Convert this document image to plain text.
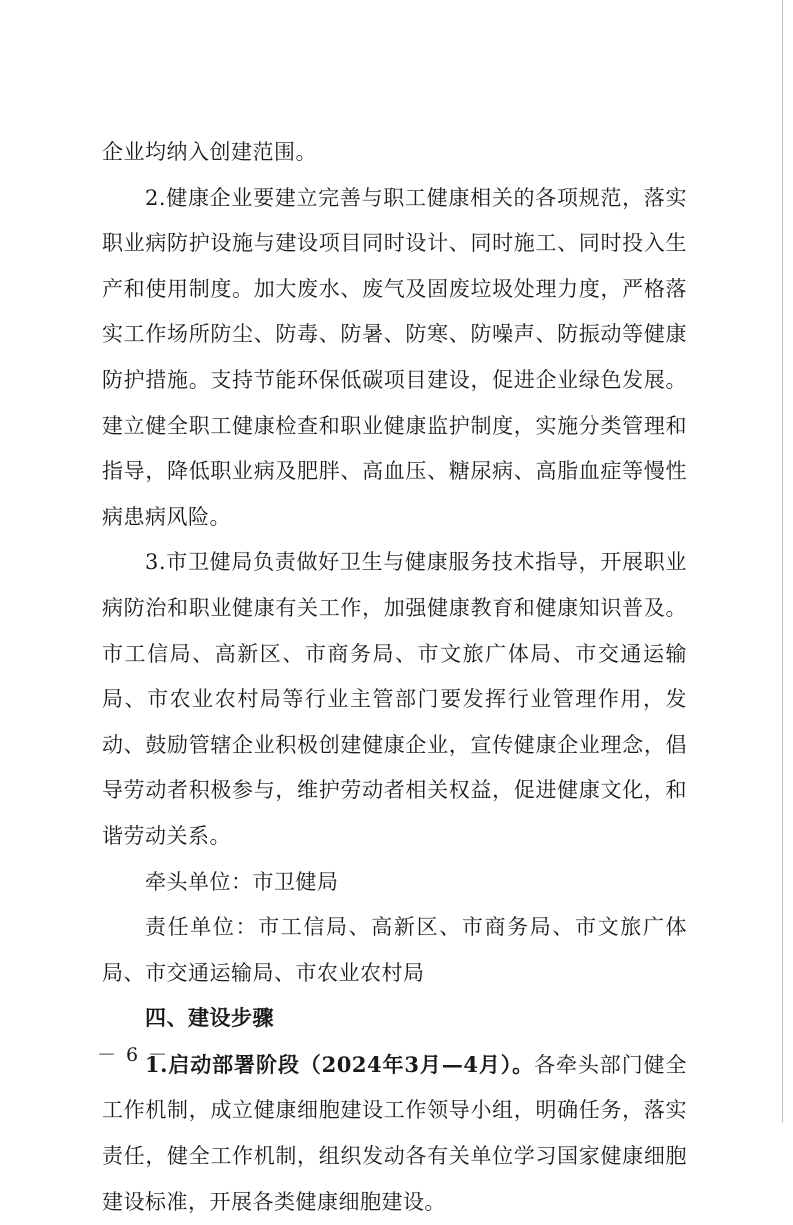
企业均纳入创建范围。

2.健康企业要建立完善与职工健康相关的各项规范，落实职业病防护设施与建设项目同时设计、同时施工、同时投入生产和使用制度。加大废水、废气及固废垃圾处理力度，严格落实工作场所防尘、防毒、防暑、防寒、防噪声、防振动等健康防护措施。支持节能环保低碳项目建设，促进企业绿色发展。建立健全职工健康检查和职业健康监护制度，实施分类管理和指导，降低职业病及肥胖、高血压、糖尿病、高脂血症等慢性病患病风险。

3.市卫健局负责做好卫生与健康服务技术指导，开展职业病防治和职业健康有关工作，加强健康教育和健康知识普及。市工信局、高新区、市商务局、市文旅广体局、市交通运输局、市农业农村局等行业主管部门要发挥行业管理作用，发动、鼓励管辖企业积极创建健康企业，宣传健康企业理念，倡导劳动者积极参与，维护劳动者相关权益，促进健康文化，和谐劳动关系。

牵头单位：市卫健局

责任单位：市工信局、高新区、市商务局、市文旅广体局、市交通运输局、市农业农村局

四、建设步骤

1.启动部署阶段（2024年3月—4月）。各牵头部门健全工作机制，成立健康细胞建设工作领导小组，明确任务，落实责任，健全工作机制，组织发动各有关单位学习国家健康细胞建设标准，开展各类健康细胞建设。

－ 6 －
